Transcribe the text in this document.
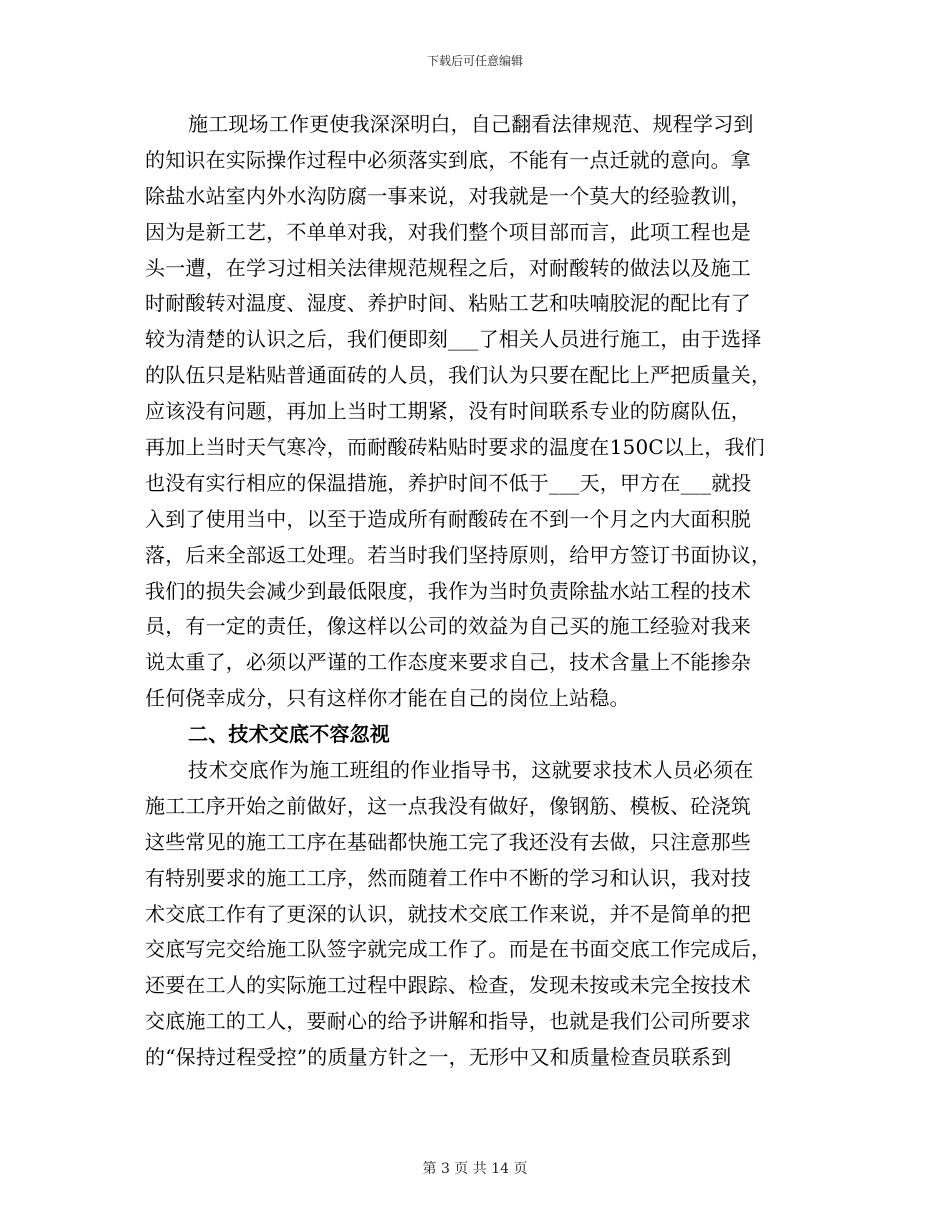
下载后可任意编辑
施工现场工作更使我深深明白，自己翻看法律规范、规程学习到
的知识在实际操作过程中必须落实到底，不能有一点迁就的意向。拿
除盐水站室内外水沟防腐一事来说，对我就是一个莫大的经验教训，
因为是新工艺，不单单对我，对我们整个项目部而言，此项工程也是
头一遭，在学习过相关法律规范规程之后，对耐酸转的做法以及施工
时耐酸转对温度、湿度、养护时间、粘贴工艺和呋喃胶泥的配比有了
较为清楚的认识之后，我们便即刻___了相关人员进行施工，由于选择
的队伍只是粘贴普通面砖的人员，我们认为只要在配比上严把质量关，
应该没有问题，再加上当时工期紧，没有时间联系专业的防腐队伍，
再加上当时天气寒冷，而耐酸砖粘贴时要求的温度在150C以上，我们
也没有实行相应的保温措施，养护时间不低于___天，甲方在___就投
入到了使用当中，以至于造成所有耐酸砖在不到一个月之内大面积脱
落，后来全部返工处理。若当时我们坚持原则，给甲方签订书面协议，
我们的损失会减少到最低限度，我作为当时负责除盐水站工程的技术
员，有一定的责任，像这样以公司的效益为自己买的施工经验对我来
说太重了，必须以严谨的工作态度来要求自己，技术含量上不能掺杂
任何侥幸成分，只有这样你才能在自己的岗位上站稳。
二、技术交底不容忽视
技术交底作为施工班组的作业指导书，这就要求技术人员必须在
施工工序开始之前做好，这一点我没有做好，像钢筋、模板、砼浇筑
这些常见的施工工序在基础都快施工完了我还没有去做，只注意那些
有特别要求的施工工序，然而随着工作中不断的学习和认识，我对技
术交底工作有了更深的认识，就技术交底工作来说，并不是简单的把
交底写完交给施工队签字就完成工作了。而是在书面交底工作完成后，
还要在工人的实际施工过程中跟踪、检查，发现未按或未完全按技术
交底施工的工人，要耐心的给予讲解和指导，也就是我们公司所要求
的“保持过程受控”的质量方针之一，无形中又和质量检查员联系到
第 3 页 共 14 页
